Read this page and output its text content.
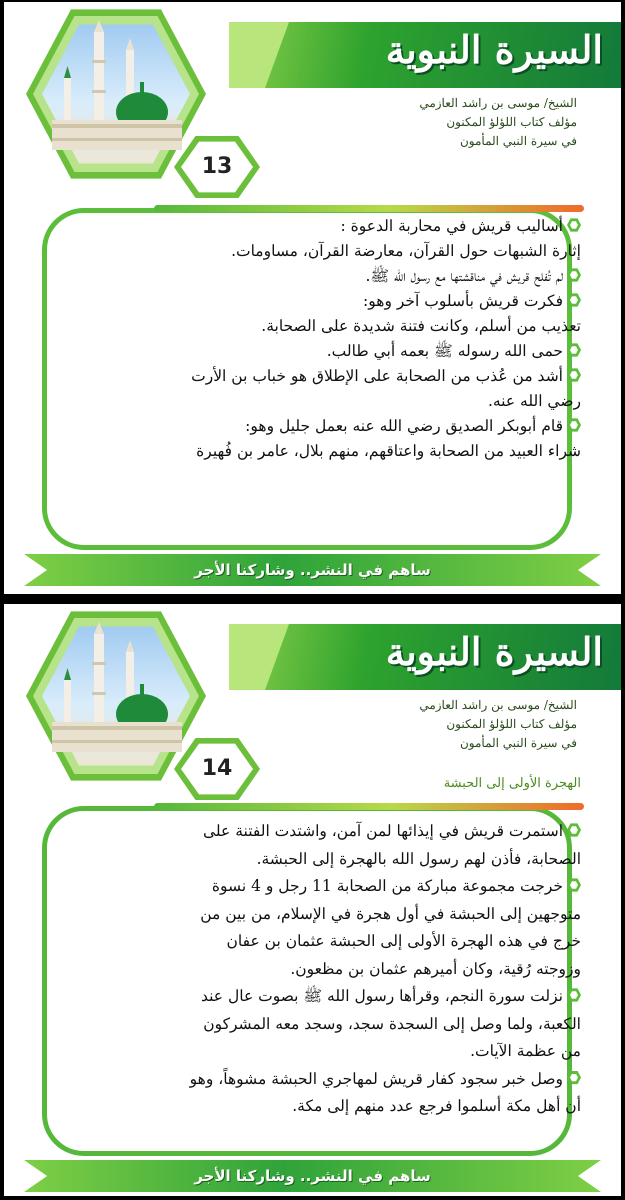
السيرة النبوية
13
الشيخ/ موسى بن راشد العازمي
مؤلف كتاب اللؤلؤ المكنون
في سيرة النبي المأمون
أساليب قريش في محاربة الدعوة :
إثارة الشبهات حول القرآن، معارضة القرآن، مساومات.
لم تُفلح قريش في مناقشتها مع رسول الله ﷺ.
فكرت قريش بأسلوب آخر وهو:
تعذيب من أسلم، وكانت فتنة شديدة على الصحابة.
حمى الله رسوله ﷺ بعمه أبي طالب.
أشد من عُذب من الصحابة على الإطلاق هو خباب بن الأرت
رضي الله عنه.
قام أبوبكر الصديق رضي الله عنه بعمل جليل وهو:
شراء العبيد من الصحابة واعتاقهم، منهم بلال، عامر بن فُهيرة
ساهم في النشر.. وشاركنا الأجر
السيرة النبوية
14
الشيخ/ موسى بن راشد العازمي
مؤلف كتاب اللؤلؤ المكنون
في سيرة النبي المأمون
الهجرة الأولى إلى الحبشة
استمرت قريش في إيذائها لمن آمن، واشتدت الفتنة على
الصحابة، فأذن لهم رسول الله بالهجرة إلى الحبشة.
خرجت مجموعة مباركة من الصحابة 11 رجل و 4 نسوة
متوجهين إلى الحبشة في أول هجرة في الإسلام، من بين من
خرج في هذه الهجرة الأولى إلى الحبشة عثمان بن عفان
وزوجته رُقية، وكان أميرهم عثمان بن مظعون.
نزلت سورة النجم، وقرأها رسول الله ﷺ بصوت عال عند
الكعبة، ولما وصل إلى السجدة سجد، وسجد معه المشركون
من عظمة الآيات.
وصل خبر سجود كفار قريش لمهاجري الحبشة مشوهاً، وهو
أن أهل مكة أسلموا فرجع عدد منهم إلى مكة.
ساهم في النشر.. وشاركنا الأجر
